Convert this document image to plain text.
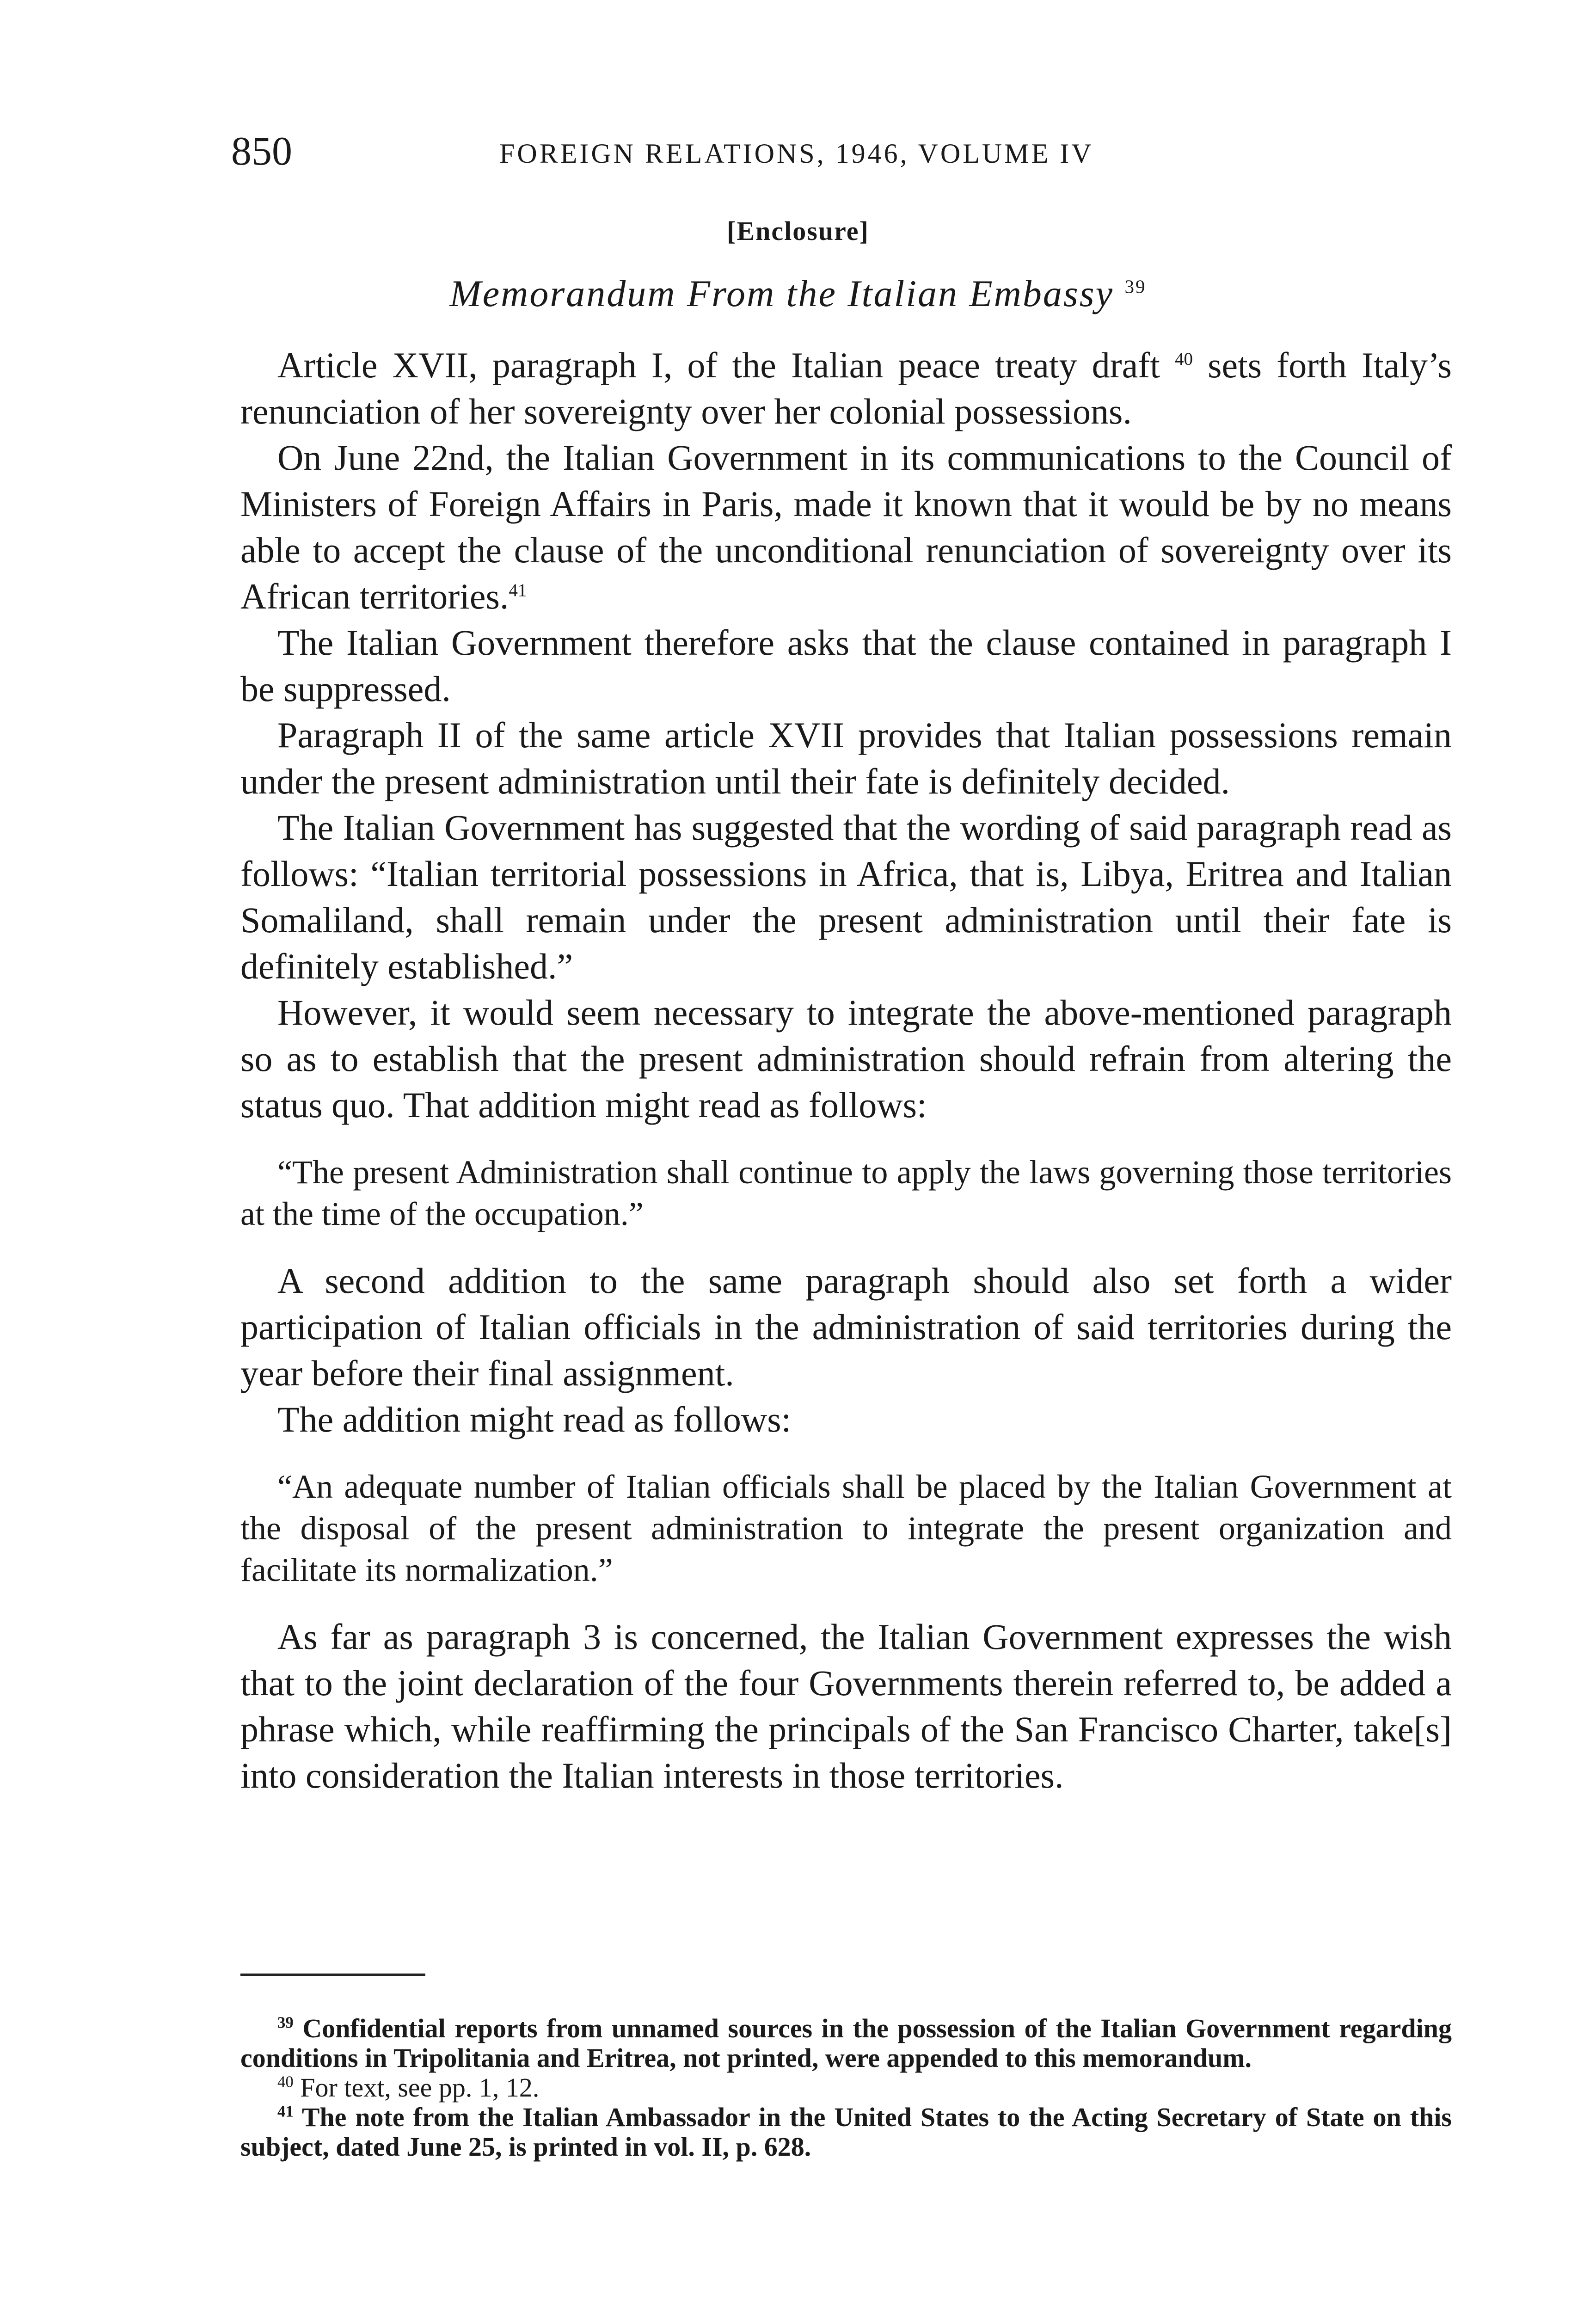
850	FOREIGN RELATIONS, 1946, VOLUME IV
[Enclosure]
Memorandum From the Italian Embassy $^{39}$

Article XVII, paragraph I, of the Italian peace treaty draft $^{40}$ sets forth Italy’s renunciation of her sovereignty over her colonial possessions.

On June 22nd, the Italian Government in its communications to the Council of Ministers of Foreign Affairs in Paris, made it known that it would be by no means able to accept the clause of the unconditional renunciation of sovereignty over its African territories.$^{41}$

The Italian Government therefore asks that the clause contained in paragraph I be suppressed.

Paragraph II of the same article XVII provides that Italian possessions remain under the present administration until their fate is definitely decided.

The Italian Government has suggested that the wording of said paragraph read as follows: “Italian territorial possessions in Africa, that is, Libya, Eritrea and Italian Somaliland, shall remain under the present administration until their fate is definitely established.”

However, it would seem necessary to integrate the above-mentioned paragraph so as to establish that the present administration should refrain from altering the status quo. That addition might read as follows:

“The present Administration shall continue to apply the laws governing those territories at the time of the occupation.”

A second addition to the same paragraph should also set forth a wider participation of Italian officials in the administration of said territories during the year before their final assignment.

The addition might read as follows:

“An adequate number of Italian officials shall be placed by the Italian Government at the disposal of the present administration to integrate the present organization and facilitate its normalization.”

As far as paragraph 3 is concerned, the Italian Government expresses the wish that to the joint declaration of the four Governments therein referred to, be added a phrase which, while reaffirming the principals of the San Francisco Charter, take[s] into consideration the Italian interests in those territories.

$^{39}$ Confidential reports from unnamed sources in the possession of the Italian Government regarding conditions in Tripolitania and Eritrea, not printed, were appended to this memorandum.

$^{40}$ For text, see pp. 1, 12.

$^{41}$ The note from the Italian Ambassador in the United States to the Acting Secretary of State on this subject, dated June 25, is printed in vol. II, p. 628.
